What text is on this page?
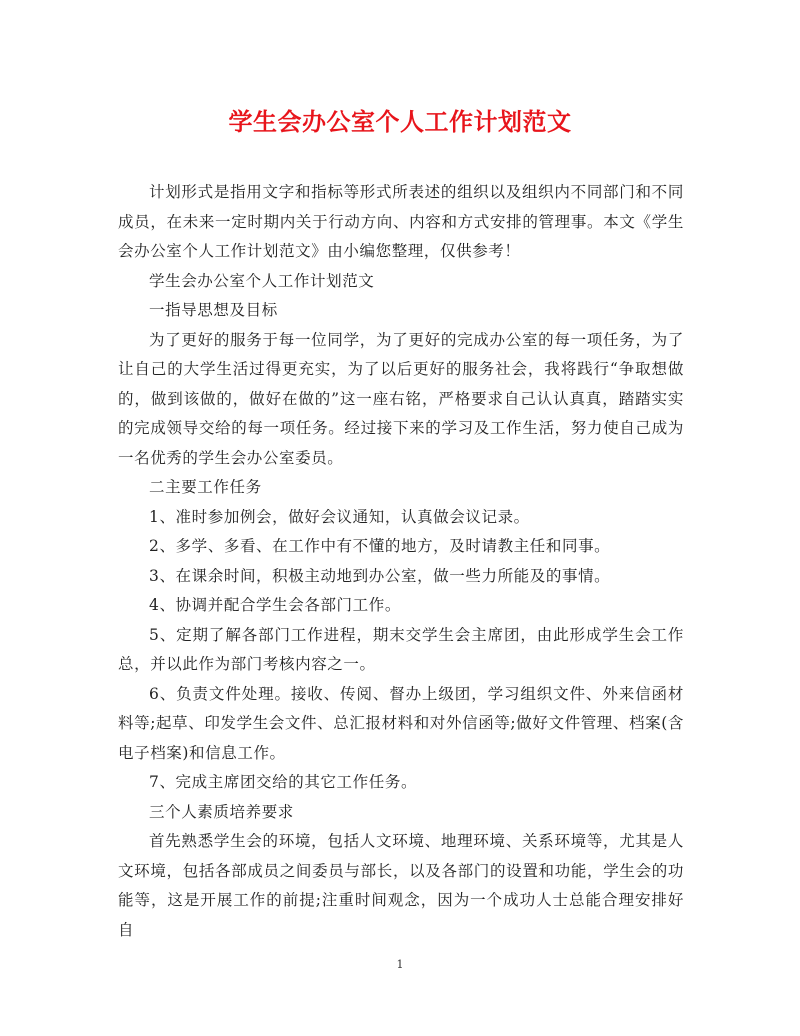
学生会办公室个人工作计划范文

计划形式是指用文字和指标等形式所表述的组织以及组织内不同部门和不同成员，在未来一定时期内关于行动方向、内容和方式安排的管理事。本文《学生会办公室个人工作计划范文》由小编您整理，仅供参考！

学生会办公室个人工作计划范文

一指导思想及目标

为了更好的服务于每一位同学，为了更好的完成办公室的每一项任务，为了让自己的大学生活过得更充实，为了以后更好的服务社会，我将践行“争取想做的，做到该做的，做好在做的”这一座右铭，严格要求自己认认真真，踏踏实实的完成领导交给的每一项任务。经过接下来的学习及工作生活，努力使自己成为一名优秀的学生会办公室委员。

二主要工作任务

1、准时参加例会，做好会议通知，认真做会议记录。

2、多学、多看、在工作中有不懂的地方，及时请教主任和同事。

3、在课余时间，积极主动地到办公室，做一些力所能及的事情。

4、协调并配合学生会各部门工作。

5、定期了解各部门工作进程，期末交学生会主席团，由此形成学生会工作总，并以此作为部门考核内容之一。

6、负责文件处理。接收、传阅、督办上级团，学习组织文件、外来信函材料等;起草、印发学生会文件、总汇报材料和对外信函等;做好文件管理、档案(含电子档案)和信息工作。

7、完成主席团交给的其它工作任务。

三个人素质培养要求

首先熟悉学生会的环境，包括人文环境、地理环境、关系环境等，尤其是人文环境，包括各部成员之间委员与部长，以及各部门的设置和功能，学生会的功能等，这是开展工作的前提;注重时间观念，因为一个成功人士总能合理安排好自

1
